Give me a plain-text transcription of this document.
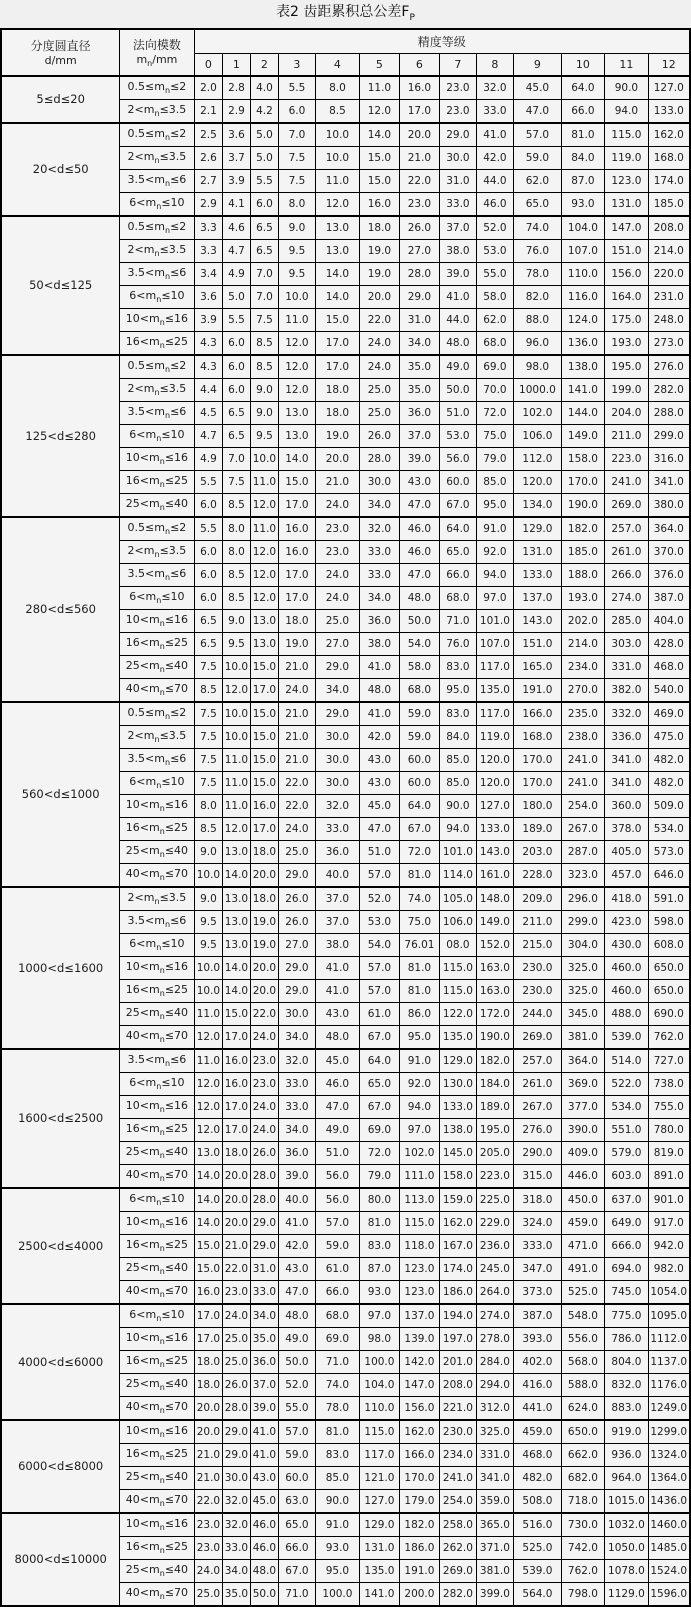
表2 齿距累积总公差$F_P$
分度圆直径
d/mm

法向模数
$m_n/mm$
	精度等级
		0	1	2	3	4	5	6	7	8	9	10	11	12
5≤d≤20	$0.5\le m_n\le 2$	2.0	2.8	4.0	5.5	8.0	11.0	16.0	23.0	32.0	45.0	64.0	90.0	127.0
	$2<m_n\le 3.5$	2.1	2.9	4.2	6.0	8.5	12.0	17.0	23.0	33.0	47.0	66.0	94.0	133.0
20<d≤50	$0.5\le m_n\le 2$	2.5	3.6	5.0	7.0	10.0	14.0	20.0	29.0	41.0	57.0	81.0	115.0	162.0
	$2<m_n\le 3.5$	2.6	3.7	5.0	7.5	10.0	15.0	21.0	30.0	42.0	59.0	84.0	119.0	168.0
	$3.5<m_n\le 6$	2.7	3.9	5.5	7.5	11.0	15.0	22.0	31.0	44.0	62.0	87.0	123.0	174.0
	$6<m_n\le 10$	2.9	4.1	6.0	8.0	12.0	16.0	23.0	33.0	46.0	65.0	93.0	131.0	185.0
50<d≤125	$0.5\le m_n\le 2$	3.3	4.6	6.5	9.0	13.0	18.0	26.0	37.0	52.0	74.0	104.0	147.0	208.0
	$2<m_n\le 3.5$	3.3	4.7	6.5	9.5	13.0	19.0	27.0	38.0	53.0	76.0	107.0	151.0	214.0
	$3.5<m_n\le 6$	3.4	4.9	7.0	9.5	14.0	19.0	28.0	39.0	55.0	78.0	110.0	156.0	220.0
	$6<m_n\le 10$	3.6	5.0	7.0	10.0	14.0	20.0	29.0	41.0	58.0	82.0	116.0	164.0	231.0
	$10<m_n\le 16$	3.9	5.5	7.5	11.0	15.0	22.0	31.0	44.0	62.0	88.0	124.0	175.0	248.0
	$16<m_n\le 25$	4.3	6.0	8.5	12.0	17.0	24.0	34.0	48.0	68.0	96.0	136.0	193.0	273.0
125<d≤280	$0.5\le m_n\le 2$	4.3	6.0	8.5	12.0	17.0	24.0	35.0	49.0	69.0	98.0	138.0	195.0	276.0
	$2<m_n\le 3.5$	4.4	6.0	9.0	12.0	18.0	25.0	35.0	50.0	70.0	1000.0	141.0	199.0	282.0
	$3.5<m_n\le 6$	4.5	6.5	9.0	13.0	18.0	25.0	36.0	51.0	72.0	102.0	144.0	204.0	288.0
	$6<m_n\le 10$	4.7	6.5	9.5	13.0	19.0	26.0	37.0	53.0	75.0	106.0	149.0	211.0	299.0
	$10<m_n\le 16$	4.9	7.0	10.0	14.0	20.0	28.0	39.0	56.0	79.0	112.0	158.0	223.0	316.0
	$16<m_n\le 25$	5.5	7.5	11.0	15.0	21.0	30.0	43.0	60.0	85.0	120.0	170.0	241.0	341.0
	$25<m_n\le 40$	6.0	8.5	12.0	17.0	24.0	34.0	47.0	67.0	95.0	134.0	190.0	269.0	380.0
280<d≤560	$0.5\le m_n\le 2$	5.5	8.0	11.0	16.0	23.0	32.0	46.0	64.0	91.0	129.0	182.0	257.0	364.0
	$2<m_n\le 3.5$	6.0	8.0	12.0	16.0	23.0	33.0	46.0	65.0	92.0	131.0	185.0	261.0	370.0
	$3.5<m_n\le 6$	6.0	8.5	12.0	17.0	24.0	33.0	47.0	66.0	94.0	133.0	188.0	266.0	376.0
	$6<m_n\le 10$	6.0	8.5	12.0	17.0	24.0	34.0	48.0	68.0	97.0	137.0	193.0	274.0	387.0
	$10<m_n\le 16$	6.5	9.0	13.0	18.0	25.0	36.0	50.0	71.0	101.0	143.0	202.0	285.0	404.0
	$16<m_n\le 25$	6.5	9.5	13.0	19.0	27.0	38.0	54.0	76.0	107.0	151.0	214.0	303.0	428.0
	$25<m_n\le 40$	7.5	10.0	15.0	21.0	29.0	41.0	58.0	83.0	117.0	165.0	234.0	331.0	468.0
	$40<m_n\le 70$	8.5	12.0	17.0	24.0	34.0	48.0	68.0	95.0	135.0	191.0	270.0	382.0	540.0
560<d≤1000	$0.5\le m_n\le 2$	7.5	10.0	15.0	21.0	29.0	41.0	59.0	83.0	117.0	166.0	235.0	332.0	469.0
	$2<m_n\le 3.5$	7.5	10.0	15.0	21.0	30.0	42.0	59.0	84.0	119.0	168.0	238.0	336.0	475.0
	$3.5<m_n\le 6$	7.5	11.0	15.0	21.0	30.0	43.0	60.0	85.0	120.0	170.0	241.0	341.0	482.0
	$6<m_n\le 10$	7.5	11.0	15.0	22.0	30.0	43.0	60.0	85.0	120.0	170.0	241.0	341.0	482.0
	$10<m_n\le 16$	8.0	11.0	16.0	22.0	32.0	45.0	64.0	90.0	127.0	180.0	254.0	360.0	509.0
	$16<m_n\le 25$	8.5	12.0	17.0	24.0	33.0	47.0	67.0	94.0	133.0	189.0	267.0	378.0	534.0
	$25<m_n\le 40$	9.0	13.0	18.0	25.0	36.0	51.0	72.0	101.0	143.0	203.0	287.0	405.0	573.0
	$40<m_n\le 70$	10.0	14.0	20.0	29.0	40.0	57.0	81.0	114.0	161.0	228.0	323.0	457.0	646.0
1000<d≤1600	$2<m_n\le 3.5$	9.0	13.0	18.0	26.0	37.0	52.0	74.0	105.0	148.0	209.0	296.0	418.0	591.0
	$3.5<m_n\le 6$	9.5	13.0	19.0	26.0	37.0	53.0	75.0	106.0	149.0	211.0	299.0	423.0	598.0
	$6<m_n\le 10$	9.5	13.0	19.0	27.0	38.0	54.0	76.01	08.0	152.0	215.0	304.0	430.0	608.0
	$10<m_n\le 16$	10.0	14.0	20.0	29.0	41.0	57.0	81.0	115.0	163.0	230.0	325.0	460.0	650.0
	$16<m_n\le 25$	10.0	14.0	20.0	29.0	41.0	57.0	81.0	115.0	163.0	230.0	325.0	460.0	650.0
	$25<m_n\le 40$	11.0	15.0	22.0	30.0	43.0	61.0	86.0	122.0	172.0	244.0	345.0	488.0	690.0
	$40<m_n\le 70$	12.0	17.0	24.0	34.0	48.0	67.0	95.0	135.0	190.0	269.0	381.0	539.0	762.0
1600<d≤2500	$3.5<m_n\le 6$	11.0	16.0	23.0	32.0	45.0	64.0	91.0	129.0	182.0	257.0	364.0	514.0	727.0
	$6<m_n\le 10$	12.0	16.0	23.0	33.0	46.0	65.0	92.0	130.0	184.0	261.0	369.0	522.0	738.0
	$10<m_n\le 16$	12.0	17.0	24.0	33.0	47.0	67.0	94.0	133.0	189.0	267.0	377.0	534.0	755.0
	$16<m_n\le 25$	12.0	17.0	24.0	34.0	49.0	69.0	97.0	138.0	195.0	276.0	390.0	551.0	780.0
	$25<m_n\le 40$	13.0	18.0	26.0	36.0	51.0	72.0	102.0	145.0	205.0	290.0	409.0	579.0	819.0
	$40<m_n\le 70$	14.0	20.0	28.0	39.0	56.0	79.0	111.0	158.0	223.0	315.0	446.0	603.0	891.0
2500<d≤4000	$6<m_n\le 10$	14.0	20.0	28.0	40.0	56.0	80.0	113.0	159.0	225.0	318.0	450.0	637.0	901.0
	$10<m_n\le 16$	14.0	20.0	29.0	41.0	57.0	81.0	115.0	162.0	229.0	324.0	459.0	649.0	917.0
	$16<m_n\le 25$	15.0	21.0	29.0	42.0	59.0	83.0	118.0	167.0	236.0	333.0	471.0	666.0	942.0
	$25<m_n\le 40$	15.0	22.0	31.0	43.0	61.0	87.0	123.0	174.0	245.0	347.0	491.0	694.0	982.0
	$40<m_n\le 70$	16.0	23.0	33.0	47.0	66.0	93.0	123.0	186.0	264.0	373.0	525.0	745.0	1054.0
4000<d≤6000	$6<m_n\le 10$	17.0	24.0	34.0	48.0	68.0	97.0	137.0	194.0	274.0	387.0	548.0	775.0	1095.0
	$10<m_n\le 16$	17.0	25.0	35.0	49.0	69.0	98.0	139.0	197.0	278.0	393.0	556.0	786.0	1112.0
	$16<m_n\le 25$	18.0	25.0	36.0	50.0	71.0	100.0	142.0	201.0	284.0	402.0	568.0	804.0	1137.0
	$25<m_n\le 40$	18.0	26.0	37.0	52.0	74.0	104.0	147.0	208.0	294.0	416.0	588.0	832.0	1176.0
	$40<m_n\le 70$	20.0	28.0	39.0	55.0	78.0	110.0	156.0	221.0	312.0	441.0	624.0	883.0	1249.0
6000<d≤8000	$10<m_n\le 16$	20.0	29.0	41.0	57.0	81.0	115.0	162.0	230.0	325.0	459.0	650.0	919.0	1299.0
	$16<m_n\le 25$	21.0	29.0	41.0	59.0	83.0	117.0	166.0	234.0	331.0	468.0	662.0	936.0	1324.0
	$25<m_n\le 40$	21.0	30.0	43.0	60.0	85.0	121.0	170.0	241.0	341.0	482.0	682.0	964.0	1364.0
	$40<m_n\le 70$	22.0	32.0	45.0	63.0	90.0	127.0	179.0	254.0	359.0	508.0	718.0	1015.0	1436.0
8000<d≤10000	$10<m_n\le 16$	23.0	32.0	46.0	65.0	91.0	129.0	182.0	258.0	365.0	516.0	730.0	1032.0	1460.0
	$16<m_n\le 25$	23.0	33.0	46.0	66.0	93.0	131.0	186.0	262.0	371.0	525.0	742.0	1050.0	1485.0
	$25<m_n\le 40$	24.0	34.0	48.0	67.0	95.0	135.0	191.0	269.0	381.0	539.0	762.0	1078.0	1524.0
	$40<m_n\le 70$	25.0	35.0	50.0	71.0	100.0	141.0	200.0	282.0	399.0	564.0	798.0	1129.0	1596.0
